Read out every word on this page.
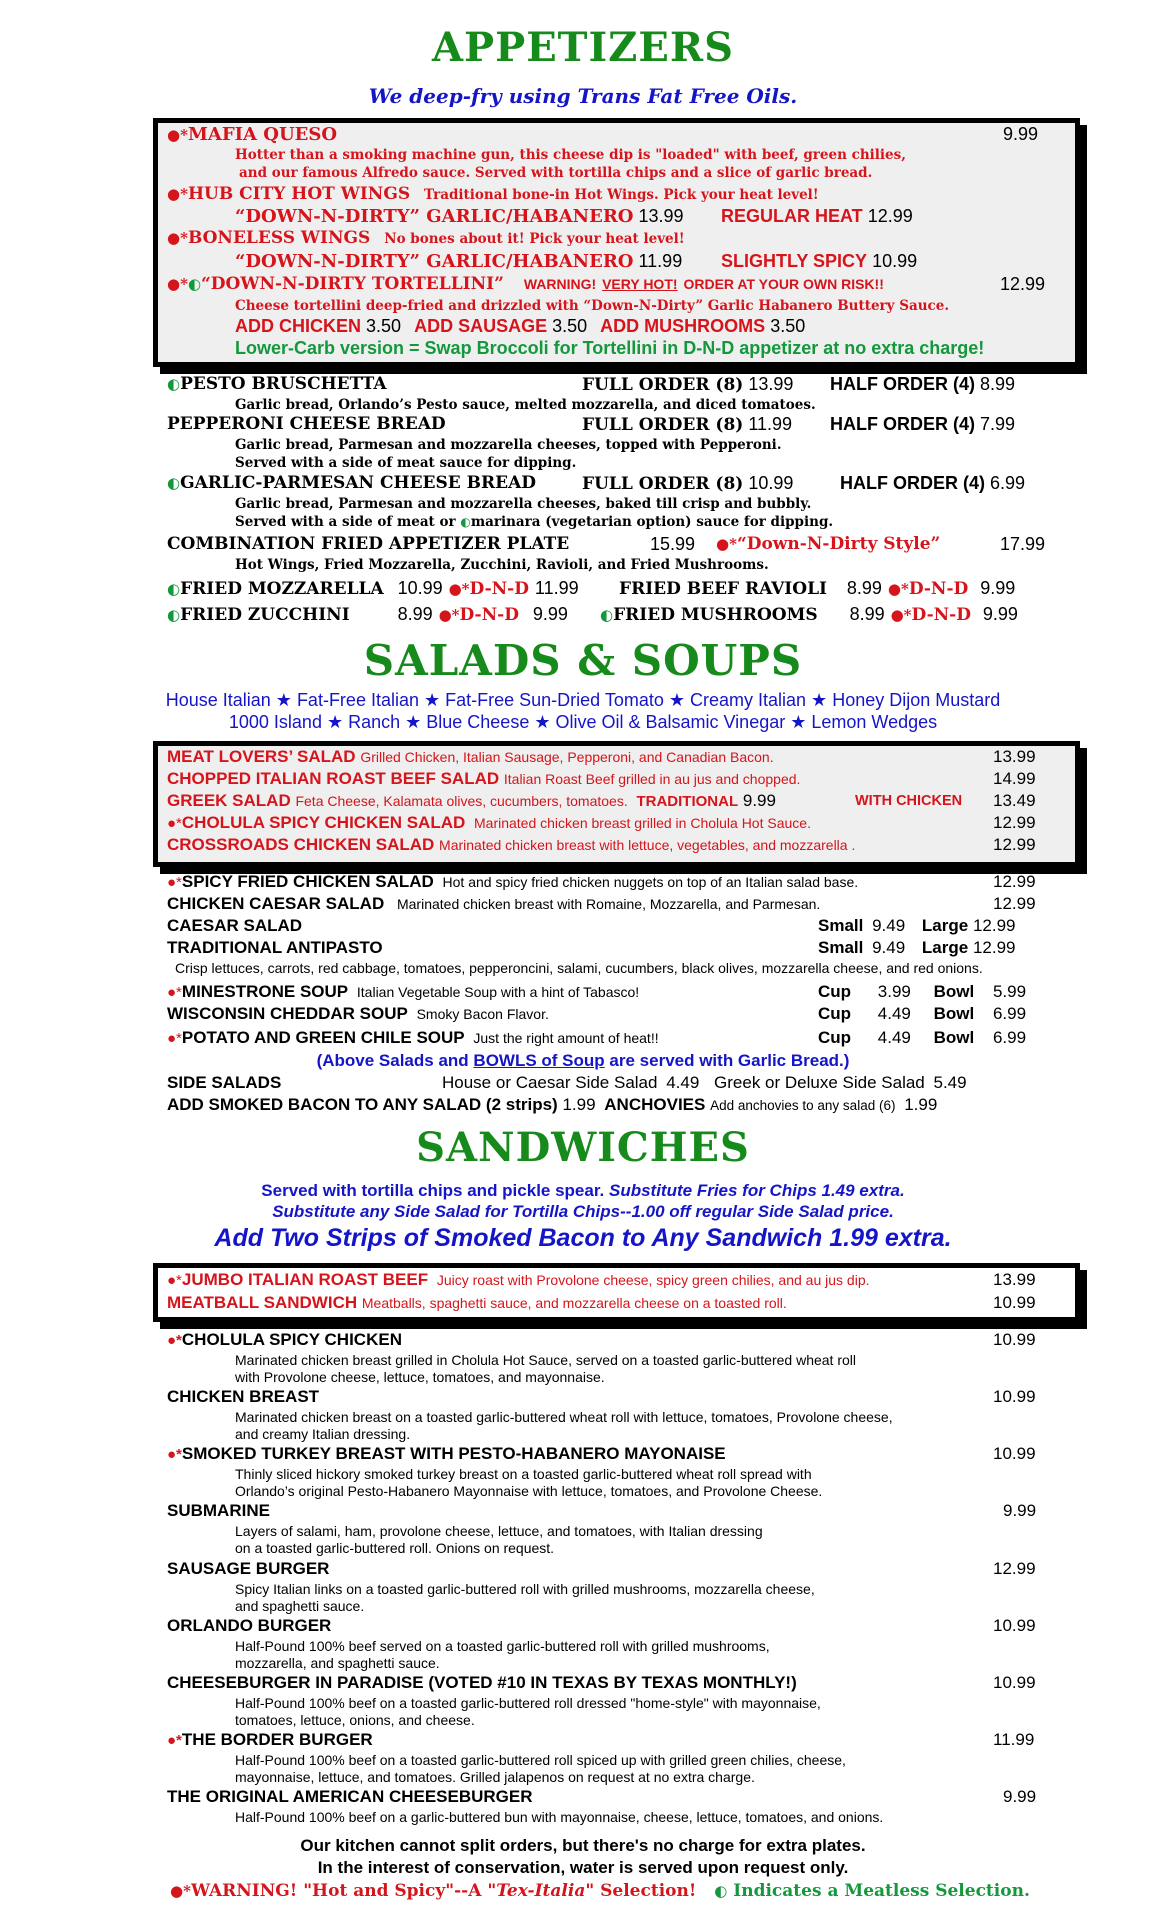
APPETIZERS
We deep-fry using Trans Fat Free Oils.
●*MAFIA QUESO	9.99
Hotter than a smoking machine gun, this cheese dip is "loaded" with beef, green chilies,
and our famous Alfredo sauce. Served with tortilla chips and a slice of garlic bread.
●*HUB CITY HOT WINGS Traditional bone-in Hot Wings. Pick your heat level!
“DOWN-N-DIRTY” GARLIC/HABANERO 13.99 REGULAR HEAT 12.99
●*BONELESS WINGS No bones about it! Pick your heat level!
“DOWN-N-DIRTY” GARLIC/HABANERO 11.99 SLIGHTLY SPICY 10.99
●*◐“DOWN-N-DIRTY TORTELLINI” WARNING! VERY HOT! ORDER AT YOUR OWN RISK!!	12.99
Cheese tortellini deep-fried and drizzled with “Down-N-Dirty” Garlic Habanero Buttery Sauce.
ADD CHICKEN 3.50 ADD SAUSAGE 3.50 ADD MUSHROOMS 3.50
Lower-Carb version = Swap Broccoli for Tortellini in D-N-D appetizer at no extra charge!
◐PESTO BRUSCHETTA	FULL ORDER (8) 13.99 HALF ORDER (4) 8.99
Garlic bread, Orlando’s Pesto sauce, melted mozzarella, and diced tomatoes.
PEPPERONI CHEESE BREAD	FULL ORDER (8) 11.99 HALF ORDER (4) 7.99
Garlic bread, Parmesan and mozzarella cheeses, topped with Pepperoni.
Served with a side of meat sauce for dipping.
◐GARLIC-PARMESAN CHEESE BREAD	FULL ORDER (8) 10.99	HALF ORDER (4) 6.99
Garlic bread, Parmesan and mozzarella cheeses, baked till crisp and bubbly.
Served with a side of meat or ◐marinara (vegetarian option) sauce for dipping.
COMBINATION FRIED APPETIZER PLATE	15.99 ●*“Down-N-Dirty Style”	17.99
Hot Wings, Fried Mozzarella, Zucchini, Ravioli, and Fried Mushrooms.
◐FRIED MOZZARELLA 10.99 ●*D-N-D 11.99 FRIED BEEF RAVIOLI 8.99 ●*D-N-D 9.99
◐FRIED ZUCCHINI	8.99 ●*D-N-D 9.99 ◐FRIED MUSHROOMS 8.99 ●*D-N-D 9.99
SALADS & SOUPS
House Italian ★ Fat-Free Italian ★ Fat-Free Sun-Dried Tomato ★ Creamy Italian ★ Honey Dijon Mustard
1000 Island ★ Ranch ★ Blue Cheese ★ Olive Oil & Balsamic Vinegar ★ Lemon Wedges
MEAT LOVERS’ SALAD Grilled Chicken, Italian Sausage, Pepperoni, and Canadian Bacon.	13.99
CHOPPED ITALIAN ROAST BEEF SALAD Italian Roast Beef grilled in au jus and chopped.	14.99
GREEK SALAD Feta Cheese, Kalamata olives, cucumbers, tomatoes. TRADITIONAL 9.99	WITH CHICKEN 13.49
●*CHOLULA SPICY CHICKEN SALAD Marinated chicken breast grilled in Cholula Hot Sauce.	12.99
CROSSROADS CHICKEN SALAD Marinated chicken breast with lettuce, vegetables, and mozzarella .	12.99
●*SPICY FRIED CHICKEN SALAD Hot and spicy fried chicken nuggets on top of an Italian salad base.	12.99
CHICKEN CAESAR SALAD Marinated chicken breast with Romaine, Mozzarella, and Parmesan.	12.99
CAESAR SALAD	Small 9.49 Large 12.99
TRADITIONAL ANTIPASTO	Small 9.49 Large 12.99
Crisp lettuces, carrots, red cabbage, tomatoes, pepperoncini, salami, cucumbers, black olives, mozzarella cheese, and red onions.
●*MINESTRONE SOUP Italian Vegetable Soup with a hint of Tabasco!	Cup 3.99 Bowl 5.99
WISCONSIN CHEDDAR SOUP Smoky Bacon Flavor.	Cup 4.49 Bowl 6.99
●*POTATO AND GREEN CHILE SOUP Just the right amount of heat!!	Cup 4.49 Bowl 6.99
(Above Salads and BOWLS of Soup are served with Garlic Bread.)
SIDE SALADS	House or Caesar Side Salad 4.49 Greek or Deluxe Side Salad 5.49
ADD SMOKED BACON TO ANY SALAD (2 strips) 1.99 ANCHOVIES Add anchovies to any salad (6) 1.99
SANDWICHES
Served with tortilla chips and pickle spear. Substitute Fries for Chips 1.49 extra.
Substitute any Side Salad for Tortilla Chips--1.00 off regular Side Salad price.
Add Two Strips of Smoked Bacon to Any Sandwich 1.99 extra.
●*JUMBO ITALIAN ROAST BEEF Juicy roast with Provolone cheese, spicy green chilies, and au jus dip.	13.99
MEATBALL SANDWICH Meatballs, spaghetti sauce, and mozzarella cheese on a toasted roll.	10.99
●*CHOLULA SPICY CHICKEN
Marinated chicken breast grilled in Cholula Hot Sauce, served on a toasted garlic-buttered wheat roll
with Provolone cheese, lettuce, tomatoes, and mayonnaise.
10.99
CHICKEN BREAST
Marinated chicken breast on a toasted garlic-buttered wheat roll with lettuce, tomatoes, Provolone cheese,
and creamy Italian dressing.
10.99
●*SMOKED TURKEY BREAST WITH PESTO-HABANERO MAYONAISE
Thinly sliced hickory smoked turkey breast on a toasted garlic-buttered wheat roll spread with
Orlando’s original Pesto-Habanero Mayonnaise with lettuce, tomatoes, and Provolone Cheese.
10.99
SUBMARINE
Layers of salami, ham, provolone cheese, lettuce, and tomatoes, with Italian dressing
on a toasted garlic-buttered roll. Onions on request.
9.99
SAUSAGE BURGER
Spicy Italian links on a toasted garlic-buttered roll with grilled mushrooms, mozzarella cheese,
and spaghetti sauce.
12.99
ORLANDO BURGER
Half-Pound 100% beef served on a toasted garlic-buttered roll with grilled mushrooms,
mozzarella, and spaghetti sauce.
10.99
CHEESEBURGER IN PARADISE (VOTED #10 IN TEXAS BY TEXAS MONTHLY!)
Half-Pound 100% beef on a toasted garlic-buttered roll dressed "home-style" with mayonnaise,
tomatoes, lettuce, onions, and cheese.
10.99
●*THE BORDER BURGER
Half-Pound 100% beef on a toasted garlic-buttered roll spiced up with grilled green chilies, cheese,
mayonnaise, lettuce, and tomatoes. Grilled jalapenos on request at no extra charge.
11.99
THE ORIGINAL AMERICAN CHEESEBURGER
Half-Pound 100% beef on a garlic-buttered bun with mayonnaise, cheese, lettuce, tomatoes, and onions.
9.99
Our kitchen cannot split orders, but there's no charge for extra plates.
In the interest of conservation, water is served upon request only.
●*WARNING! "Hot and Spicy"--A "Tex-Italia" Selection! ◐ Indicates a Meatless Selection.
